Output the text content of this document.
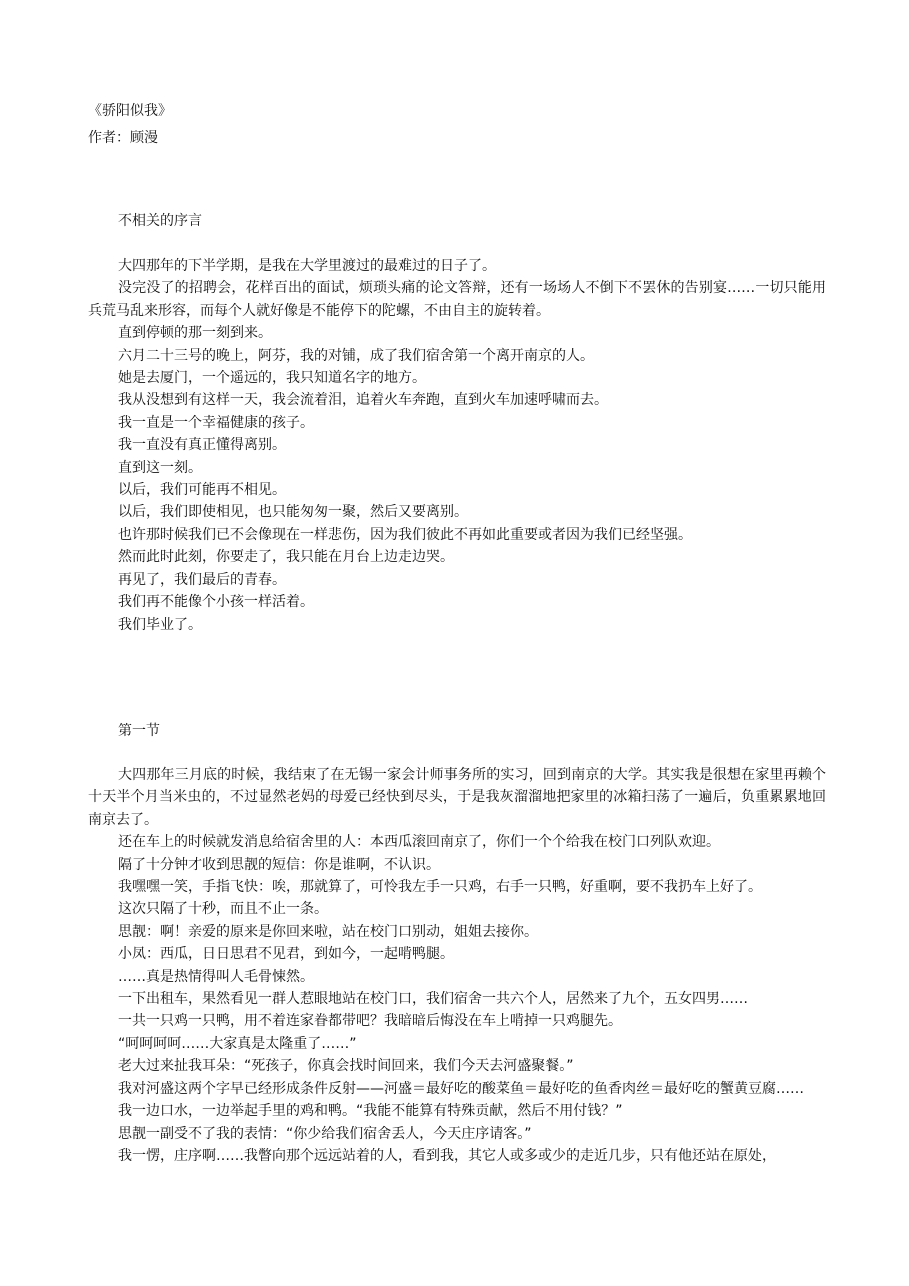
《骄阳似我》
作者：顾漫
不相关的序言

大四那年的下半学期，是我在大学里渡过的最难过的日子了。

没完没了的招聘会，花样百出的面试，烦琐头痛的论文答辩，还有一场场人不倒下不罢休的告别宴……一切只能用兵荒马乱来形容，而每个人就好像是不能停下的陀螺，不由自主的旋转着。

直到停顿的那一刻到来。

六月二十三号的晚上，阿芬，我的对铺，成了我们宿舍第一个离开南京的人。

她是去厦门，一个遥远的，我只知道名字的地方。

我从没想到有这样一天，我会流着泪，追着火车奔跑，直到火车加速呼啸而去。

我一直是一个幸福健康的孩子。

我一直没有真正懂得离别。

直到这一刻。

以后，我们可能再不相见。

以后，我们即使相见，也只能匆匆一聚，然后又要离别。

也许那时候我们已不会像现在一样悲伤，因为我们彼此不再如此重要或者因为我们已经坚强。

然而此时此刻，你要走了，我只能在月台上边走边哭。

再见了，我们最后的青春。

我们再不能像个小孩一样活着。

我们毕业了。

第一节

大四那年三月底的时候，我结束了在无锡一家会计师事务所的实习，回到南京的大学。其实我是很想在家里再赖个十天半个月当米虫的，不过显然老妈的母爱已经快到尽头，于是我灰溜溜地把家里的冰箱扫荡了一遍后，负重累累地回南京去了。

还在车上的时候就发消息给宿舍里的人：本西瓜滚回南京了，你们一个个给我在校门口列队欢迎。

隔了十分钟才收到思靓的短信：你是谁啊，不认识。

我嘿嘿一笑，手指飞快：唉，那就算了，可怜我左手一只鸡，右手一只鸭，好重啊，要不我扔车上好了。

这次只隔了十秒，而且不止一条。

思靓：啊！亲爱的原来是你回来啦，站在校门口别动，姐姐去接你。

小凤：西瓜，日日思君不见君，到如今，一起啃鸭腿。

……真是热情得叫人毛骨悚然。

一下出租车，果然看见一群人惹眼地站在校门口，我们宿舍一共六个人，居然来了九个，五女四男……

一共一只鸡一只鸭，用不着连家眷都带吧？我暗暗后悔没在车上啃掉一只鸡腿先。

“呵呵呵呵……大家真是太隆重了……”

老大过来扯我耳朵：“死孩子，你真会找时间回来，我们今天去河盛聚餐。”

我对河盛这两个字早已经形成条件反射——河盛＝最好吃的酸菜鱼＝最好吃的鱼香肉丝＝最好吃的蟹黄豆腐……

我一边口水，一边举起手里的鸡和鸭。“我能不能算有特殊贡献，然后不用付钱？”

思靓一副受不了我的表情：“你少给我们宿舍丢人，今天庄序请客。”

我一愣，庄序啊……我瞥向那个远远站着的人，看到我，其它人或多或少的走近几步，只有他还站在原处，
